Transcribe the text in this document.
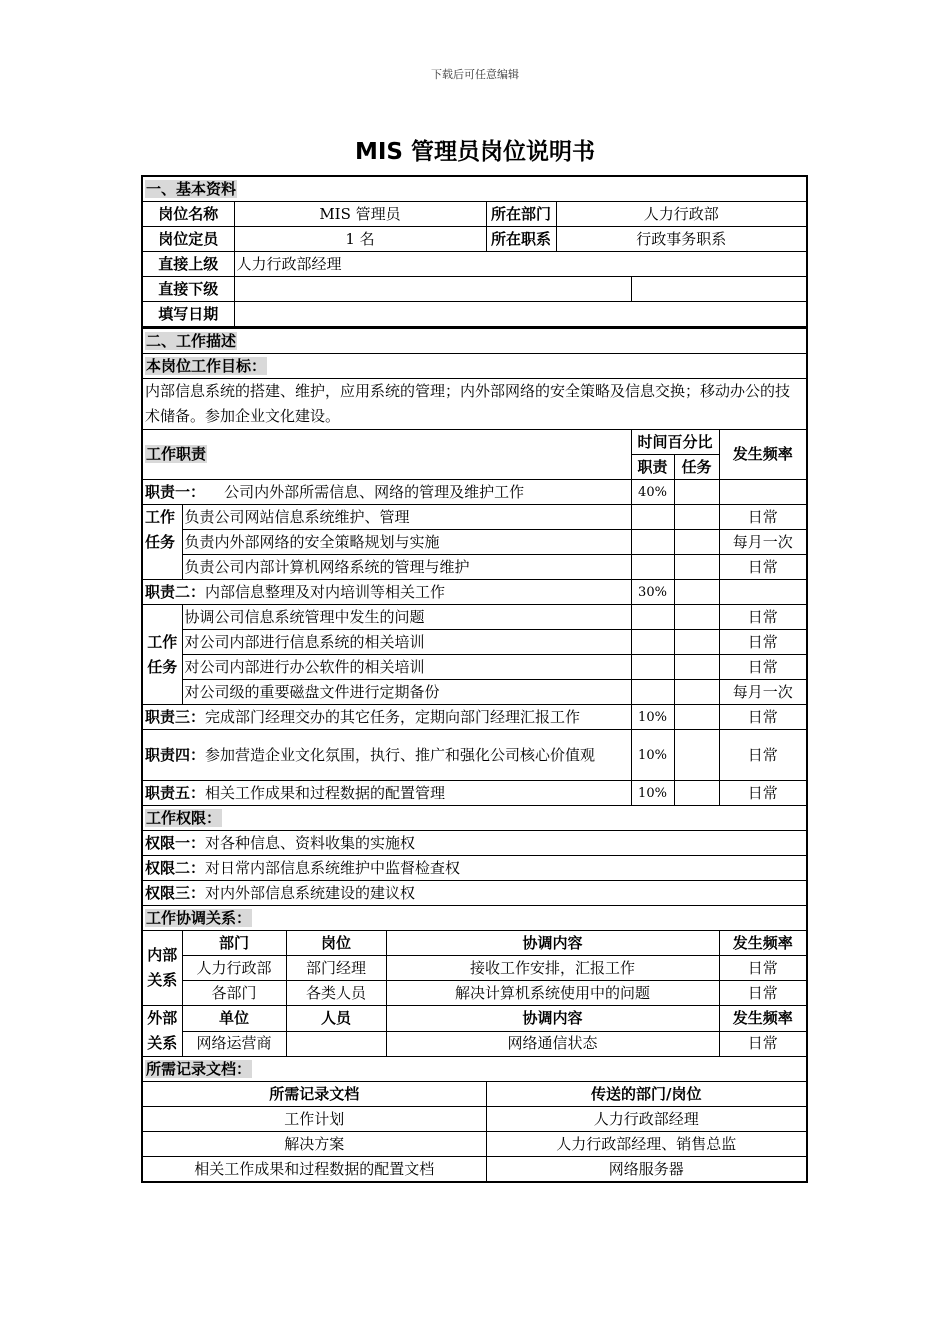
下载后可任意编辑
MIS 管理员岗位说明书
一、基本资料									
岗位名称		MIS 管理员			所在部门	人力行政部			
岗位定员		1 名			所在职系	行政事务职系			
直接上级		人力行政部经理							
直接下级									
填写日期									
二、工作描述									
本岗位工作目标：									
内部信息系统的搭建、维护，应用系统的管理；内外部网络的安全策略及信息交换；移动办公的技术储备。参加企业文化建设。									
工作职责							时间百分比		发生频率
							职责	任务	
职责一： 公司内外部所需信息、网络的管理及维护工作							40%		
工作
任务	负责公司网站信息系统维护、管理								日常
	负责内外部网络的安全策略规划与实施								每月一次
	负责公司内部计算机网络系统的管理与维护								日常
职责二：内部信息整理及对内培训等相关工作							30%		
工作
任务	协调公司信息系统管理中发生的问题								日常
	对公司内部进行信息系统的相关培训								日常
	对公司内部进行办公软件的相关培训								日常
	对公司级的重要磁盘文件进行定期备份								每月一次
职责三：完成部门经理交办的其它任务，定期向部门经理汇报工作							10%		日常
职责四：参加营造企业文化氛围，执行、推广和强化公司核心价值观							10%		日常
职责五：相关工作成果和过程数据的配置管理							10%		日常
工作权限：									
权限一：对各种信息、资料收集的实施权									
权限二：对日常内部信息系统维护中监督检查权									
权限三：对内外部信息系统建设的建议权									
工作协调关系：									
内部
关系	部门		岗位	协调内容					发生频率
	人力行政部		部门经理	接收工作安排，汇报工作					日常
	各部门		各类人员	解决计算机系统使用中的问题					日常
外部
关系	单位		人员	协调内容					发生频率
	网络运营商			网络通信状态					日常
所需记录文档：									
所需记录文档					传送的部门/岗位				
工作计划					人力行政部经理				
解决方案					人力行政部经理、销售总监				
相关工作成果和过程数据的配置文档					网络服务器				
